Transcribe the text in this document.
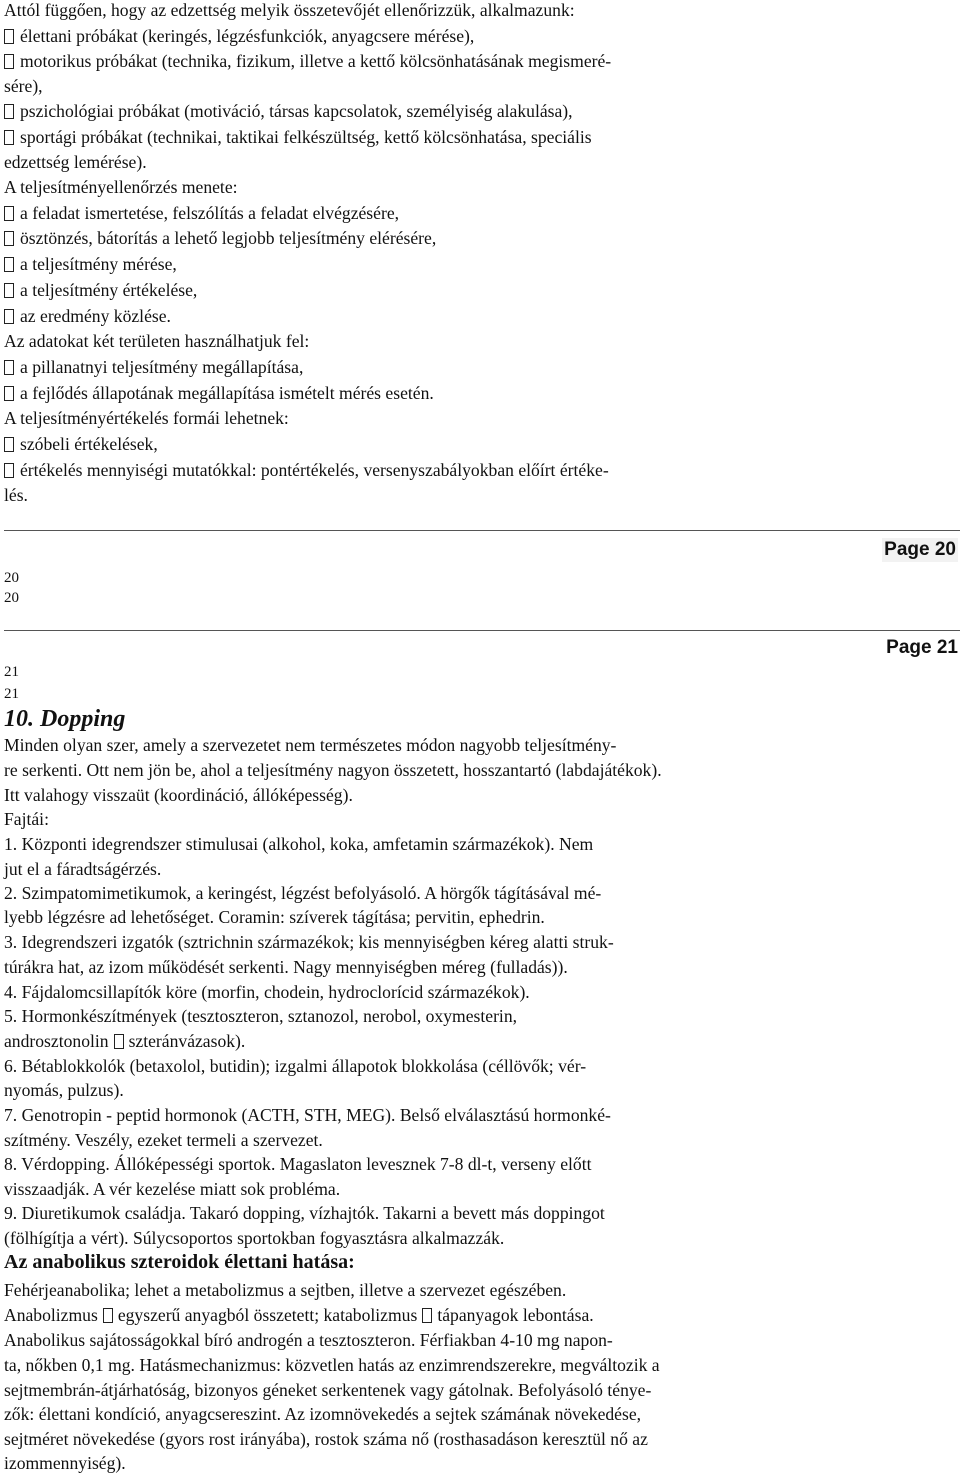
Attól függően, hogy az edzettség melyik összetevőjét ellenőrizzük, alkalmazunk:
élettani próbákat (keringés, légzésfunkciók, anyagcsere mérése),
motorikus próbákat (technika, fizikum, illetve a kettő kölcsönhatásának megismeré-
sére),
pszichológiai próbákat (motiváció, társas kapcsolatok, személyiség alakulása),
sportági próbákat (technikai, taktikai felkészültség, kettő kölcsönhatása, speciális
edzettség lemérése).
A teljesítményellenőrzés menete:
a feladat ismertetése, felszólítás a feladat elvégzésére,
ösztönzés, bátorítás a lehető legjobb teljesítmény elérésére,
a teljesítmény mérése,
a teljesítmény értékelése,
az eredmény közlése.
Az adatokat két területen használhatjuk fel:
a pillanatnyi teljesítmény megállapítása,
a fejlődés állapotának megállapítása ismételt mérés esetén.
A teljesítményértékelés formái lehetnek:
szóbeli értékelések,
értékelés mennyiségi mutatókkal: pontértékelés, versenyszabályokban előírt értéke-
lés.
Page 20
20
20
Page 21
21
21
10. Dopping
Minden olyan szer, amely a szervezetet nem természetes módon nagyobb teljesítmény-
re serkenti. Ott nem jön be, ahol a teljesítmény nagyon összetett, hosszantartó (labdajátékok).
Itt valahogy visszaüt (koordináció, állóképesség).
Fajtái:
1. Központi idegrendszer stimulusai (alkohol, koka, amfetamin származékok). Nem
jut el a fáradtságérzés.
2. Szimpatomimetikumok, a keringést, légzést befolyásoló. A hörgők tágításával mé-
lyebb légzésre ad lehetőséget. Coramin: szíverek tágítása; pervitin, ephedrin.
3. Idegrendszeri izgatók (sztrichnin származékok; kis mennyiségben kéreg alatti struk-
túrákra hat, az izom működését serkenti. Nagy mennyiségben méreg (fulladás)).
4. Fájdalomcsillapítók köre (morfin, chodein, hydroclorícid származékok).
5. Hormonkészítmények (tesztoszteron, sztanozol, nerobol, oxymesterin,
androsztonolin szteránvázasok).
6. Bétablokkolók (betaxolol, butidin); izgalmi állapotok blokkolása (céllövők; vér-
nyomás, pulzus).
7. Genotropin - peptid hormonok (ACTH, STH, MEG). Belső elválasztású hormonké-
szítmény. Veszély, ezeket termeli a szervezet.
8. Vérdopping. Állóképességi sportok. Magaslaton levesznek 7-8 dl-t, verseny előtt
visszaadják. A vér kezelése miatt sok probléma.
9. Diuretikumok családja. Takaró dopping, vízhajtók. Takarni a bevett más doppingot
(fölhígítja a vért). Súlycsoportos sportokban fogyasztásra alkalmazzák.
Az anabolikus szteroidok élettani hatása:
Fehérjeanabolika; lehet a metabolizmus a sejtben, illetve a szervezet egészében.
Anabolizmus egyszerű anyagból összetett; katabolizmus tápanyagok lebontása.
Anabolikus sajátosságokkal bíró androgén a tesztoszteron. Férfiakban 4-10 mg napon-
ta, nőkben 0,1 mg. Hatásmechanizmus: közvetlen hatás az enzimrendszerekre, megváltozik a
sejtmembrán-átjárhatóság, bizonyos géneket serkentenek vagy gátolnak. Befolyásoló tényе-
zők: élettani kondíció, anyagcsereszint. Az izomnövekedés a sejtek számának növekedése,
sejtméret növekedése (gyors rost irányába), rostok száma nő (rosthasadáson keresztül nő az
izommennyiség).
